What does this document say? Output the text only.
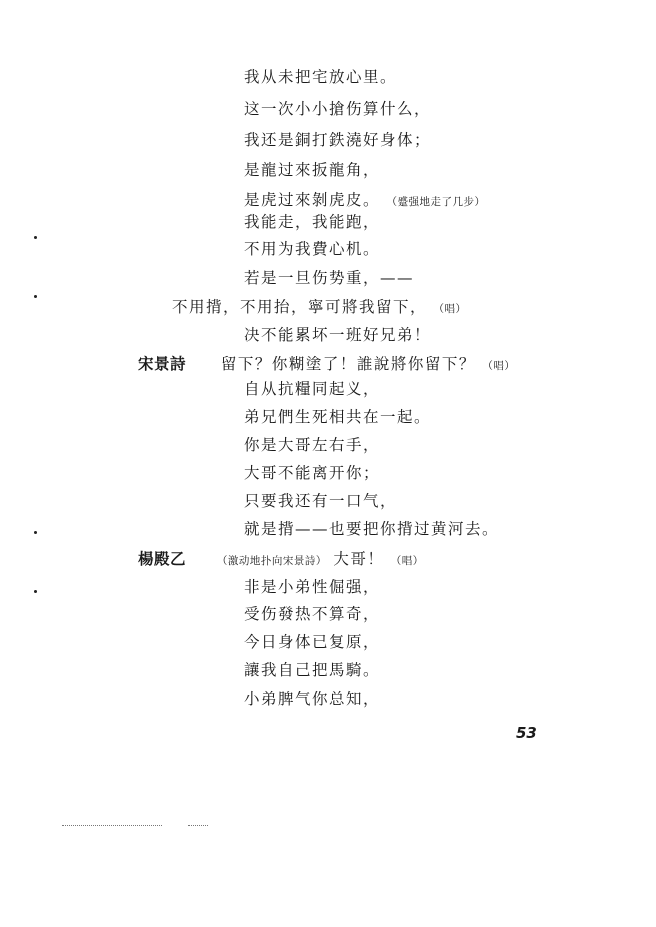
我从未把宅放心里。
这一次小小搶伤算什么，
我还是銅打鉄澆好身体；
是龍过來扳龍角，
是虎过來剝虎皮。 （蹙强地走了几步）
我能走，我能跑，
不用为我費心机。
若是一旦伤势重，——
不用揹，不用抬，寧可將我留下， （唱）
决不能累坏一班好兄弟！
宋景詩 留下？你糊塗了！誰說將你留下？ （唱）
自从抗糧同起义，
弟兄們生死相共在一起。
你是大哥左右手，
大哥不能离开你；
只要我还有一口气，
就是揹——也要把你揹过黄河去。
楊殿乙	（激动地扑向宋景詩） 大哥！ （唱）
非是小弟性倔强，
受伤發热不算奇，
今日身体已复原，
讓我自己把馬騎。
小弟脾气你总知，
53
